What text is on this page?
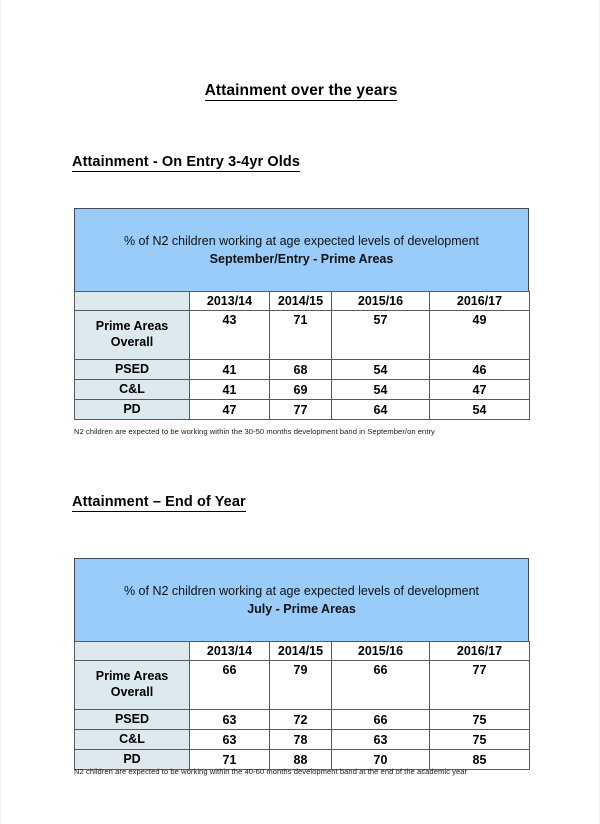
Attainment over the years
Attainment - On Entry 3-4yr Olds
% of N2 children working at age expected levels of development
September/Entry - Prime Areas
	2013/14	2014/15	2015/16	2016/17
Prime Areas Overall	43	71	57	49
PSED	41	68	54	46
C&L	41	69	54	47
PD	47	77	64	54
N2 children are expected to be working within the 30-50 months development band in September/on entry
Attainment – End of Year
% of N2 children working at age expected levels of development
July - Prime Areas
	2013/14	2014/15	2015/16	2016/17
Prime Areas Overall	66	79	66	77
PSED	63	72	66	75
C&L	63	78	63	75
PD	71	88	70	85
N2 children are expected to be working within the 40-60 months development band at the end of the academic year
